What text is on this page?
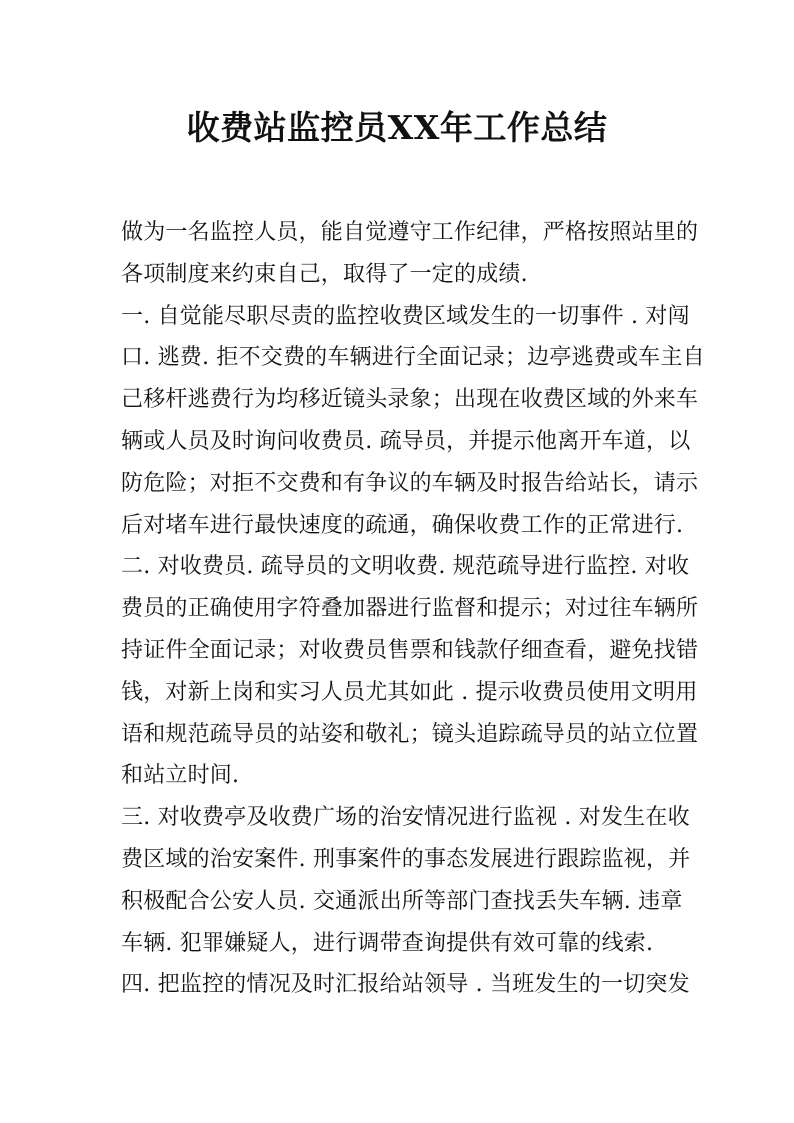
收费站监控员XX年工作总结
做为一名监控人员，能自觉遵守工作纪律，严格按照站里的
各项制度来约束自己，取得了一定的成绩.
一. 自觉能尽职尽责的监控收费区域发生的一切事件 . 对闯
口. 逃费. 拒不交费的车辆进行全面记录；边亭逃费或车主自
己移杆逃费行为均移近镜头录象；出现在收费区域的外来车
辆或人员及时询问收费员. 疏导员，并提示他离开车道，以
防危险；对拒不交费和有争议的车辆及时报告给站长，请示
后对堵车进行最快速度的疏通，确保收费工作的正常进行.
二. 对收费员. 疏导员的文明收费. 规范疏导进行监控. 对收
费员的正确使用字符叠加器进行监督和提示；对过往车辆所
持证件全面记录；对收费员售票和钱款仔细查看，避免找错
钱，对新上岗和实习人员尤其如此 . 提示收费员使用文明用
语和规范疏导员的站姿和敬礼；镜头追踪疏导员的站立位置
和站立时间.
三. 对收费亭及收费广场的治安情况进行监视 . 对发生在收
费区域的治安案件. 刑事案件的事态发展进行跟踪监视，并
积极配合公安人员. 交通派出所等部门查找丢失车辆. 违章
车辆. 犯罪嫌疑人，进行调带查询提供有效可靠的线索.
四. 把监控的情况及时汇报给站领导 . 当班发生的一切突发
